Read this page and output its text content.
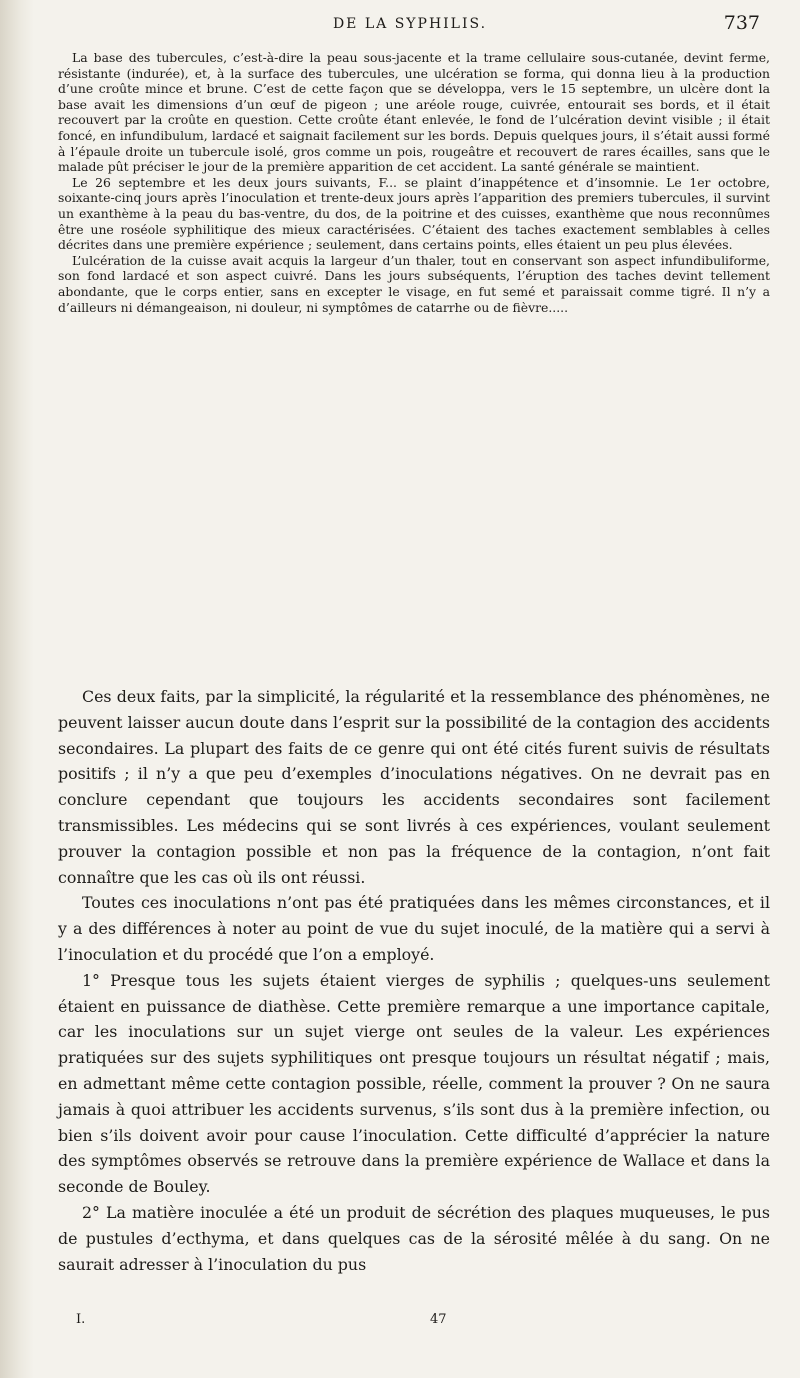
DE LA SYPHILIS.	737

La base des tubercules, c’est-à-dire la peau sous-jacente et la trame cellulaire sous-cutanée, devint ferme, résistante (indurée), et, à la surface des tubercules, une ulcération se forma, qui donna lieu à la production d’une croûte mince et brune. C’est de cette façon que se développa, vers le 15 septembre, un ulcère dont la base avait les dimensions d’un œuf de pigeon ; une aréole rouge, cuivrée, entourait ses bords, et il était recouvert par la croûte en question. Cette croûte étant enlevée, le fond de l’ulcération devint visible ; il était foncé, en infundibulum, lardacé et saignait facilement sur les bords. Depuis quelques jours, il s’était aussi formé à l’épaule droite un tubercule isolé, gros comme un pois, rougeâtre et recouvert de rares écailles, sans que le malade pût préciser le jour de la première apparition de cet accident. La santé générale se maintient.

Le 26 septembre et les deux jours suivants, F... se plaint d’inappétence et d’insomnie. Le 1er octobre, soixante-cinq jours après l’inoculation et trente-deux jours après l’apparition des premiers tubercules, il survint un exanthème à la peau du bas-ventre, du dos, de la poitrine et des cuisses, exanthème que nous reconnûmes être une roséole syphilitique des mieux caractérisées. C’étaient des taches exactement semblables à celles décrites dans une première expérience ; seulement, dans certains points, elles étaient un peu plus élevées.

L’ulcération de la cuisse avait acquis la largeur d’un thaler, tout en conservant son aspect infundibuliforme, son fond lardacé et son aspect cuivré. Dans les jours subséquents, l’éruption des taches devint tellement abondante, que le corps entier, sans en excepter le visage, en fut semé et paraissait comme tigré. Il n’y a d’ailleurs ni démangeaison, ni douleur, ni symptômes de catarrhe ou de fièvre.....

Ces deux faits, par la simplicité, la régularité et la ressemblance des phénomènes, ne peuvent laisser aucun doute dans l’esprit sur la possibilité de la contagion des accidents secondaires. La plupart des faits de ce genre qui ont été cités furent suivis de résultats positifs ; il n’y a que peu d’exemples d’inoculations négatives. On ne devrait pas en conclure cependant que toujours les accidents secondaires sont facilement transmissibles. Les médecins qui se sont livrés à ces expériences, voulant seulement prouver la contagion possible et non pas la fréquence de la contagion, n’ont fait connaître que les cas où ils ont réussi.

Toutes ces inoculations n’ont pas été pratiquées dans les mêmes circonstances, et il y a des différences à noter au point de vue du sujet inoculé, de la matière qui a servi à l’inoculation et du procédé que l’on a employé.

1° Presque tous les sujets étaient vierges de syphilis ; quelques-uns seulement étaient en puissance de diathèse. Cette première remarque a une importance capitale, car les inoculations sur un sujet vierge ont seules de la valeur. Les expériences pratiquées sur des sujets syphilitiques ont presque toujours un résultat négatif ; mais, en admettant même cette contagion possible, réelle, comment la prouver ? On ne saura jamais à quoi attribuer les accidents survenus, s’ils sont dus à la première infection, ou bien s’ils doivent avoir pour cause l’inoculation. Cette difficulté d’apprécier la nature des symptômes observés se retrouve dans la première expérience de Wallace et dans la seconde de Bouley.

2° La matière inoculée a été un produit de sécrétion des plaques muqueuses, le pus de pustules d’ecthyma, et dans quelques cas de la sérosité mêlée à du sang. On ne saurait adresser à l’inoculation du pus

I.	47
